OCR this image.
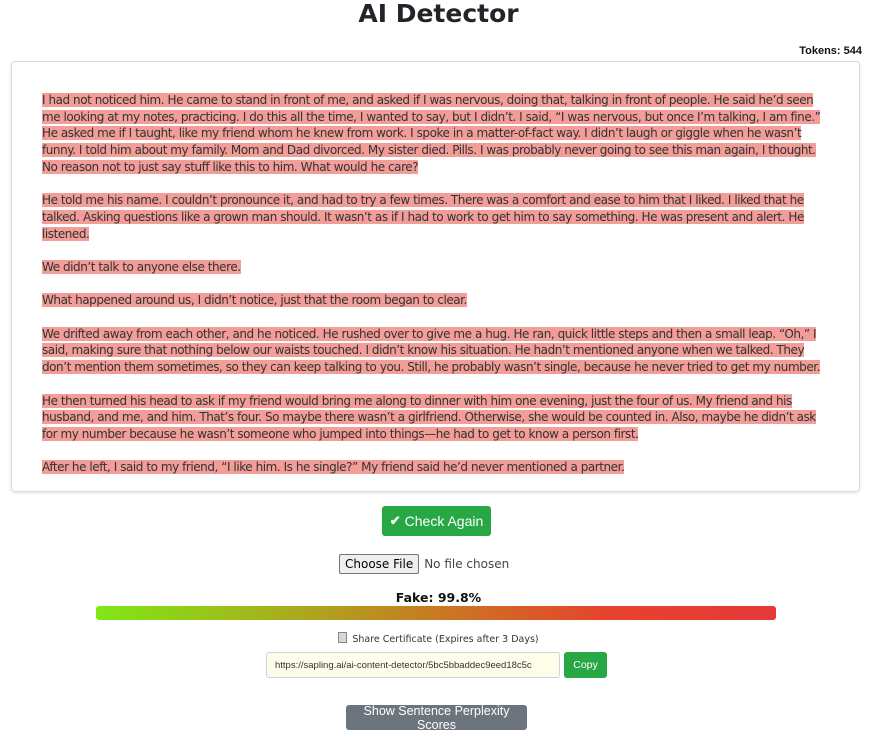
AI Detector
Tokens: 544

I had not noticed him. He came to stand in front of me, and asked if I was nervous, doing that, talking in front of people. He said he’d seen me looking at my notes, practicing. I do this all the time, I wanted to say, but I didn’t. I said, “I was nervous, but once I’m talking, I am fine.” He asked me if I taught, like my friend whom he knew from work. I spoke in a matter-of-fact way. I didn’t laugh or giggle when he wasn’t funny. I told him about my family. Mom and Dad divorced. My sister died. Pills. I was probably never going to see this man again, I thought. No reason not to just say stuff like this to him. What would he care?

He told me his name. I couldn’t pronounce it, and had to try a few times. There was a comfort and ease to him that I liked. I liked that he talked. Asking questions like a grown man should. It wasn’t as if I had to work to get him to say something. He was present and alert. He listened.

We didn’t talk to anyone else there.

What happened around us, I didn’t notice, just that the room began to clear.

We drifted away from each other, and he noticed. He rushed over to give me a hug. He ran, quick little steps and then a small leap. “Oh,” I said, making sure that nothing below our waists touched. I didn’t know his situation. He hadn’t mentioned anyone when we talked. They don’t mention them sometimes, so they can keep talking to you. Still, he probably wasn’t single, because he never tried to get my number.

He then turned his head to ask if my friend would bring me along to dinner with him one evening, just the four of us. My friend and his husband, and me, and him. That’s four. So maybe there wasn’t a girlfriend. Otherwise, she would be counted in. Also, maybe he didn’t ask for my number because he wasn’t someone who jumped into things—he had to get to know a person first.

After he left, I said to my friend, “I like him. Is he single?” My friend said he’d never mentioned a partner.

✔ Check Again
Choose File No file chosen
Fake: 99.8%
Share Certificate (Expires after 3 Days)
https://sapling.ai/ai-content-detector/5bc5bbaddec9eed18c5c
Copy
Show Sentence Perplexity Scores
